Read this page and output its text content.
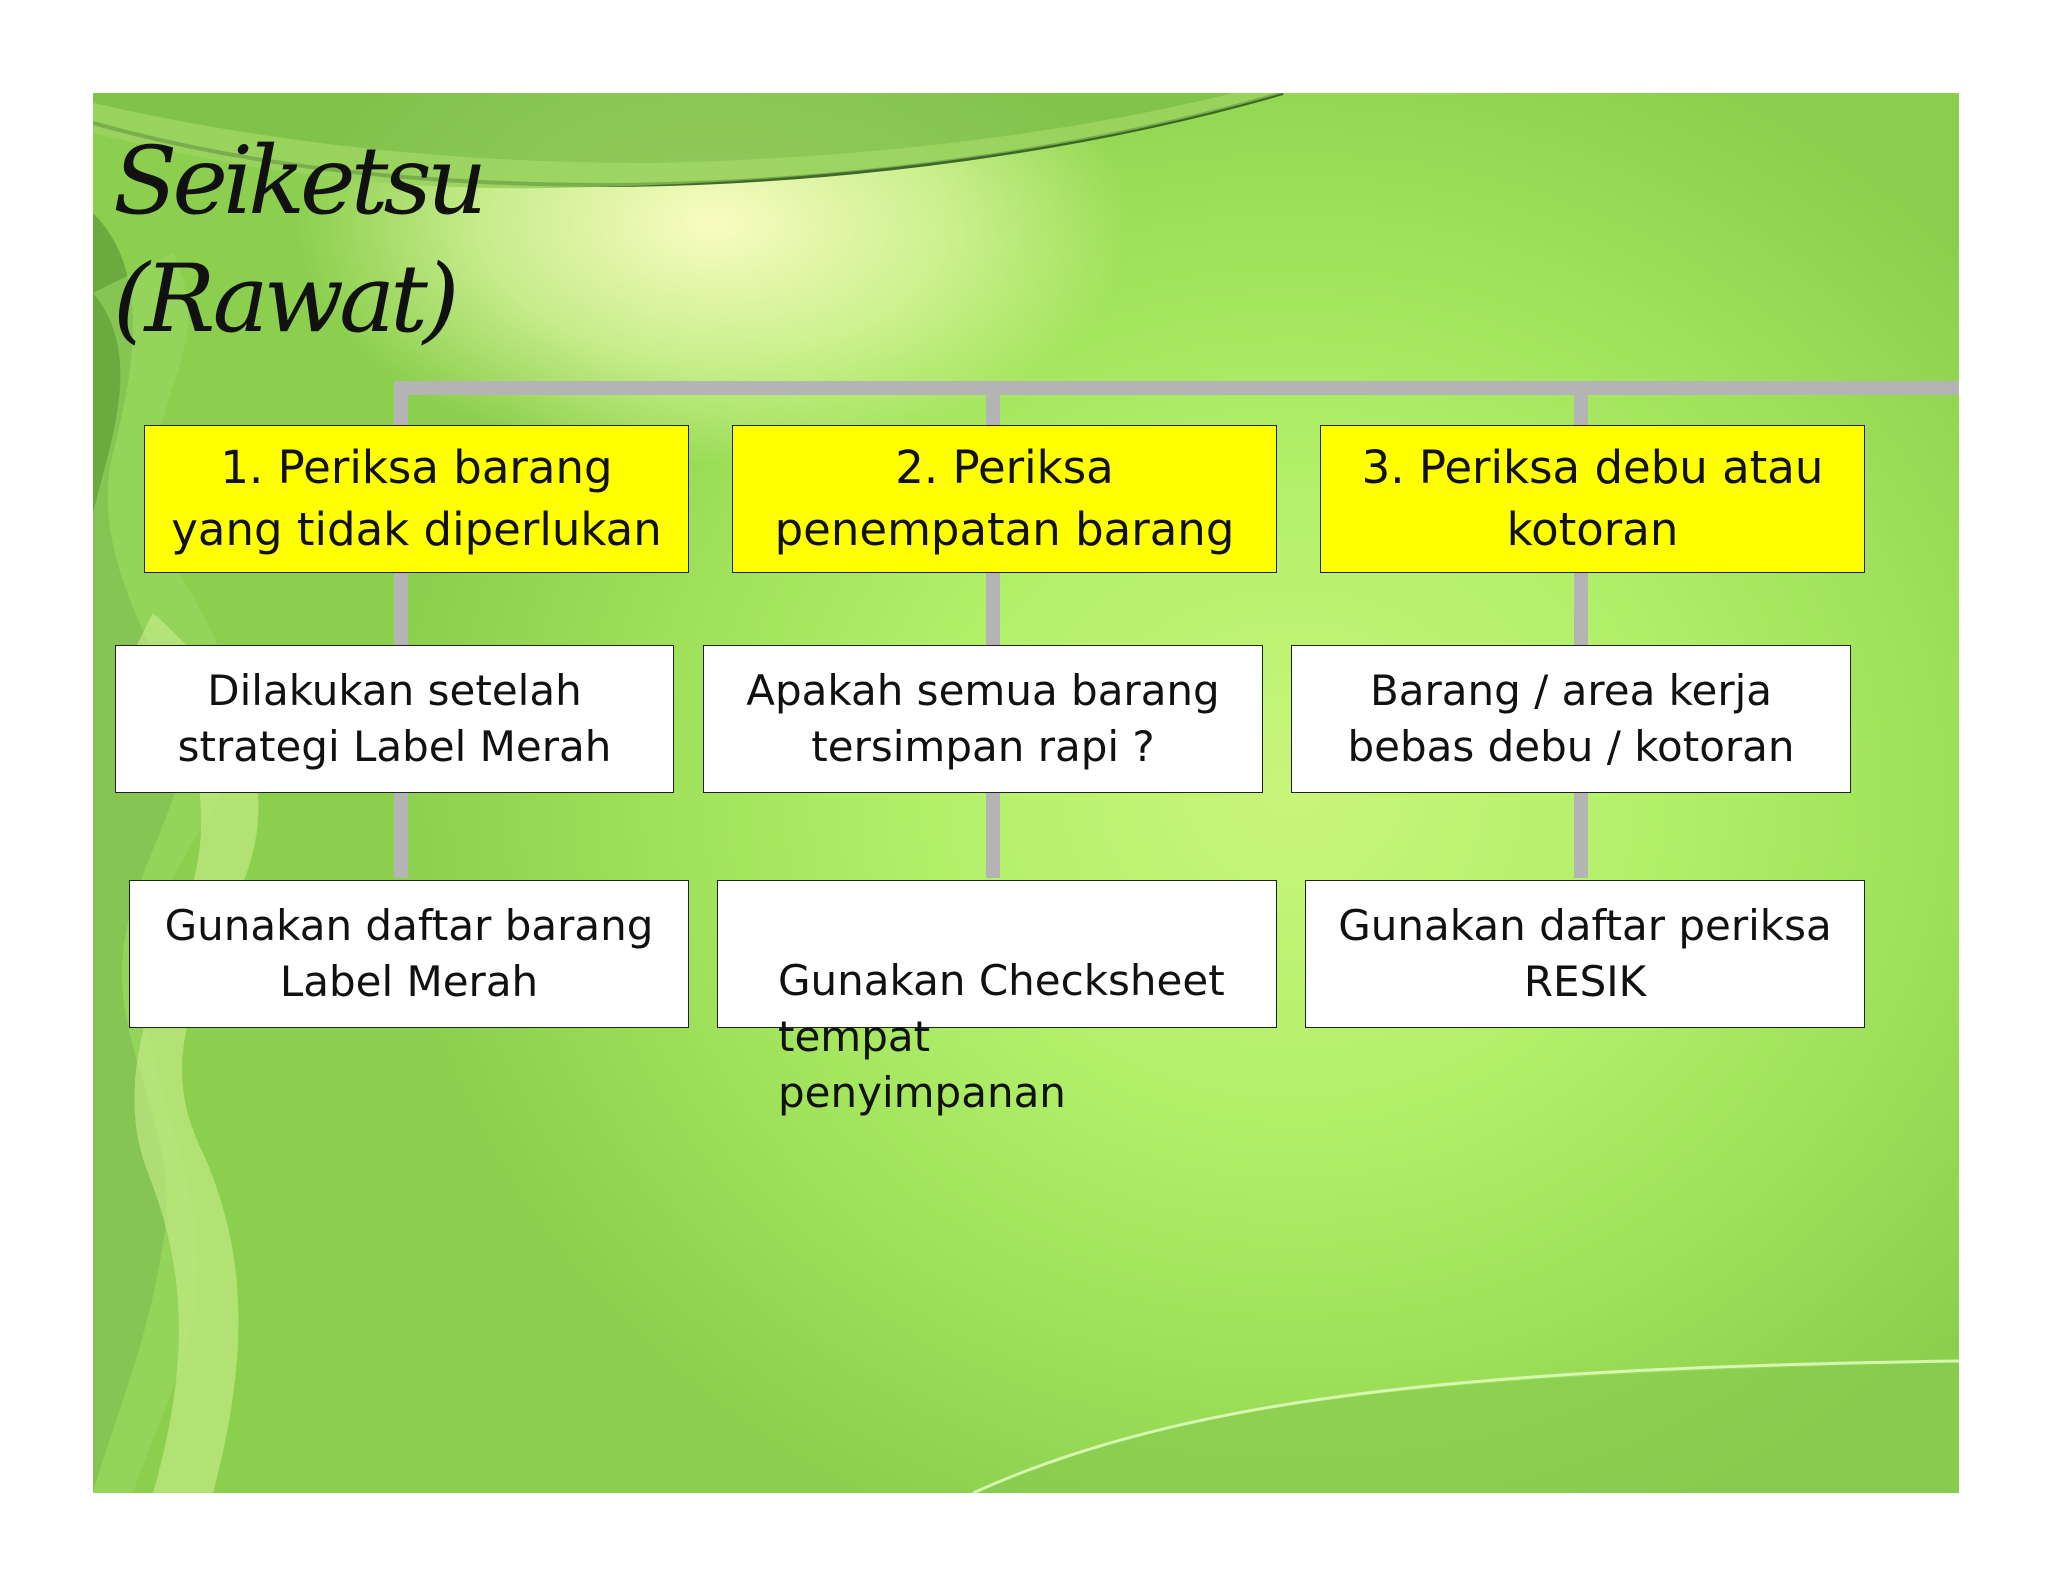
Seiketsu
(Rawat)
1. Periksa barang
yang tidak diperlukan
Dilakukan setelah
strategi Label Merah
Gunakan daftar barang
Label Merah
2. Periksa
penempatan barang
Apakah semua barang
tersimpan rapi ?

Gunakan Checksheet
tempat
penyimpanan

3. Periksa debu atau
kotoran
Barang / area kerja
bebas debu / kotoran
Gunakan daftar periksa
RESIK
